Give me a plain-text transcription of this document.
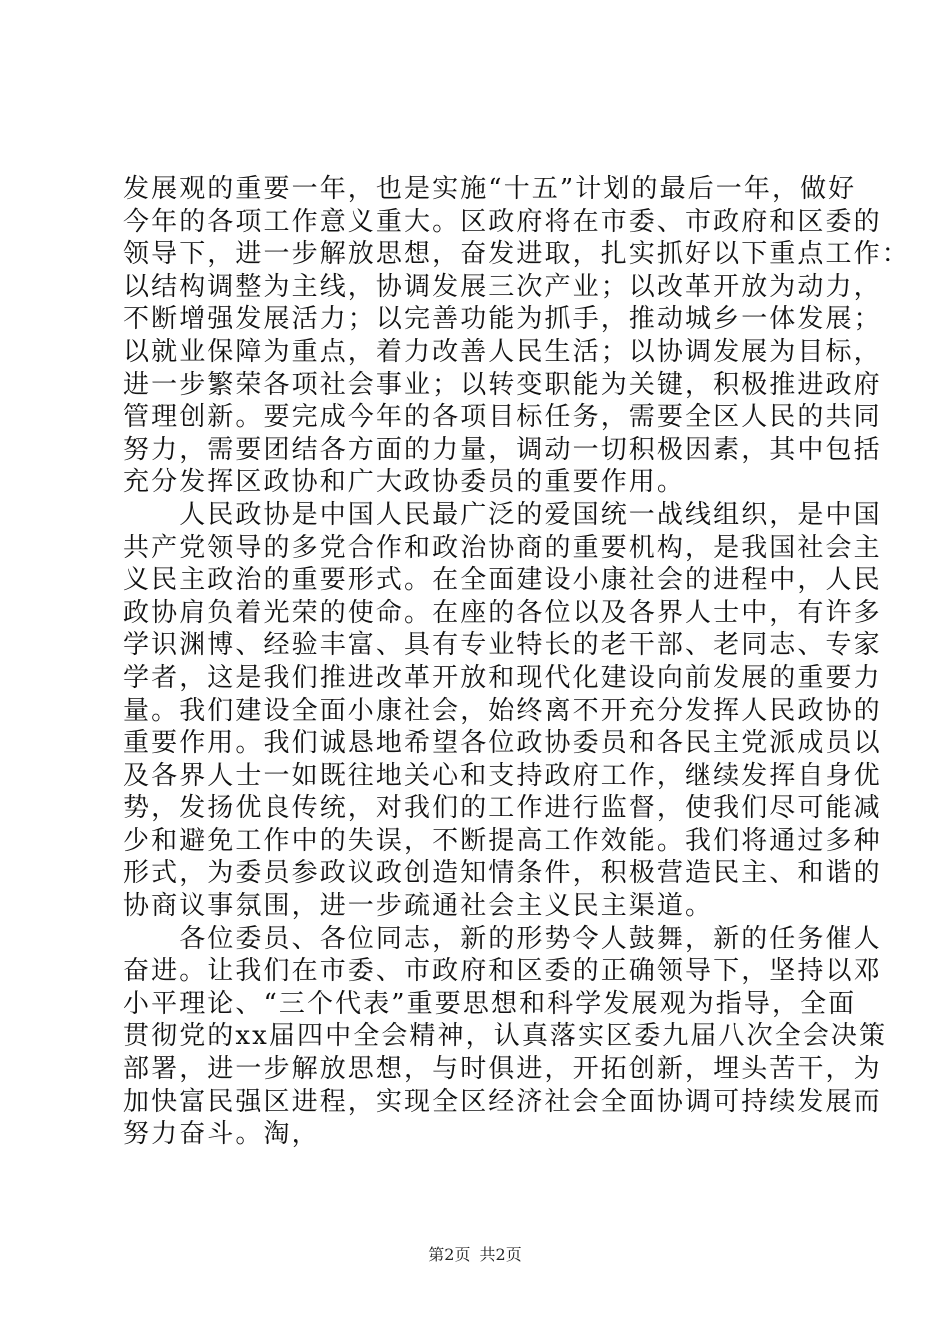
发展观的重要一年，也是实施“十五”计划的最后一年，做好
今年的各项工作意义重大。区政府将在市委、市政府和区委的
领导下，进一步解放思想，奋发进取，扎实抓好以下重点工作：
以结构调整为主线，协调发展三次产业；以改革开放为动力，
不断增强发展活力；以完善功能为抓手，推动城乡一体发展；
以就业保障为重点，着力改善人民生活；以协调发展为目标，
进一步繁荣各项社会事业；以转变职能为关键，积极推进政府
管理创新。要完成今年的各项目标任务，需要全区人民的共同
努力，需要团结各方面的力量，调动一切积极因素，其中包括
充分发挥区政协和广大政协委员的重要作用。
　　人民政协是中国人民最广泛的爱国统一战线组织，是中国
共产党领导的多党合作和政治协商的重要机构，是我国社会主
义民主政治的重要形式。在全面建设小康社会的进程中，人民
政协肩负着光荣的使命。在座的各位以及各界人士中，有许多
学识渊博、经验丰富、具有专业特长的老干部、老同志、专家
学者，这是我们推进改革开放和现代化建设向前发展的重要力
量。我们建设全面小康社会，始终离不开充分发挥人民政协的
重要作用。我们诚恳地希望各位政协委员和各民主党派成员以
及各界人士一如既往地关心和支持政府工作，继续发挥自身优
势，发扬优良传统，对我们的工作进行监督，使我们尽可能减
少和避免工作中的失误，不断提高工作效能。我们将通过多种
形式，为委员参政议政创造知情条件，积极营造民主、和谐的
协商议事氛围，进一步疏通社会主义民主渠道。
　　各位委员、各位同志，新的形势令人鼓舞，新的任务催人
奋进。让我们在市委、市政府和区委的正确领导下，坚持以邓
小平理论、“三个代表”重要思想和科学发展观为指导，全面
贯彻党的xx届四中全会精神，认真落实区委九届八次全会决策
部署，进一步解放思想，与时俱进，开拓创新，埋头苦干，为
加快富民强区进程，实现全区经济社会全面协调可持续发展而
努力奋斗。淘，
第2页 共2页
